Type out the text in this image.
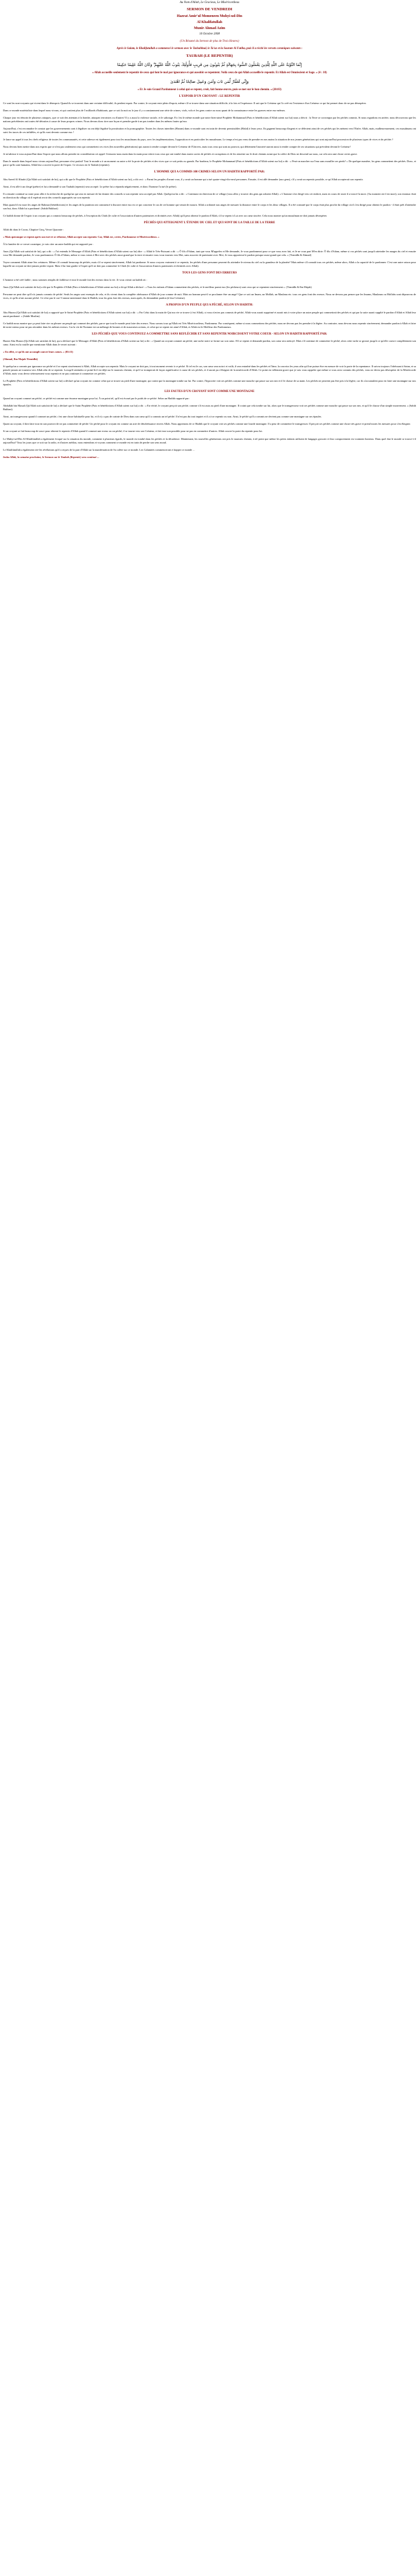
Au Nom d'Allah, Le Gracieux, Le Miséricordieux

SERMON DE VENDREDI
Hazrat Amir'ul Momeneen Muhyi-ud-Din
Al Khalifatullah
Munir Ahmad Azim
10 Octobre 2008
(Un Résumé du Sermon de plus de Trois Heures)
Après le Salam, le Khalifatullah a commencé le sermon avec le Tashahhud, le Ta'uz et la Sourate Al Fatiha, puis il a récité les versets coraniques suivants :
TAUBAH (LE REPENTIR)
إِنَّمَا التَّوْبَةُ عَلَى اللَّهِ لِلَّذِينَ يَعْمَلُونَ السُّوءَ بِجَهَالَةٍ ثُمَّ يَتُوبُونَ مِن قَرِيبٍ فَأُولَٰئِكَ يَتُوبُ اللَّهُ عَلَيْهِمْ ۗ وَكَانَ اللَّهُ عَلِيمًا حَكِيمًا
« Allah accueille seulement le repentir de ceux qui font le mal par ignorance et qui aussitôt se repentent. Voilà ceux de qui Allah accueille le repentir. Et Allah est Omniscient et Sage. » (4 : 18)
وَإِنِّي لَغَفَّارٌ لِّمَن تَابَ وَآمَنَ وَعَمِلَ صَالِحًا ثُمَّ اهْتَدَىٰ
« Et Je suis Grand Pardonneur à celui qui se repent, croit, fait bonne œuvre, puis se met sur le bon chemin. » (20:83)
L'ESPOIR D'UN CROYANT : LE REPENTIR

Ce sont les non-croyants qui vivent dans le désespoir. Quand ils se trouvent dans une certaine difficulté, ils perdent espoir. Par contre, le croyant reste plein d'espoir, même s'il se trouve dans une situation difficile, à la fois et l'espérance. Il sait que le Créateur qui l'a créé est l'existence d'un Créateur ce qui lui permet donc de ne pas désespérer.

Dans ce monde matérialiste dans lequel nous vivons, et qui contient plus de 5 milliards d'habitants, que ce soit la nuit ou le jour il y a constamment une série de crimes, viols, vols et les gens contre ou nous quant de la connaissance entre les guerres entre eux-mêmes.

Chaque jour est témoin de plusieurs attaques, que ce soit des attentats à la bombe, attaques terroristes ou d'autres! Il y a aussi la violence raciale, et le sabotage. Et c'est le même monde que notre bien-aimé Prophète Mohammad (Paix et bénédictions d'Allah soient sur lui) nous a décrit : la Terre se corrompra par les péchés commis. Si nous regardons en arrière, nous découvrons que les nations précédentes ont toutes été détruites à cause de leurs propres crimes. Nous devons donc tirer une leçon et prendre garde à ne pas tomber dans les mêmes fautes qu'eux.

Aujourd'hui, c'est reconnaître le constat que les gouvernements sont à légaliser ou ont déjà légalisé la prostitution et la pornographie. Toutes les choses interdites (Haram) dans ce monde sont en train de devenir permissibles (Halal) à leurs yeux. Ils gagnent beaucoup d'argent et se délectent ainsi de ces péchés qui les mènent vers l'Enfer. Allah, mais, malheureusement, ces musulmans ont suivi les traces de ces infidèles, et qu'ils vont devenir comme eux !

Je lance un appel à tous les chefs religieux de toutes les communautés, et cette adresse est également pour tout les musulmans du pays, avec les implémentations, l'opposition et en particulier les musulmans. Le temps n'est pas venu de prendre en nos mains la situation de nos jeunes générations qui sont aujourd'hui possession de plusieurs types de vices et de péchés ?

Nous devons bien mettre dans nos esprits que ce n'est pas seulement ceux qui commettent ces vices (les nouvelles générations) qui auront à rendre compte devant le Créateur de l'Univers, mais tous ceux qui sont au pouvoir, qui détiennent l'autorité auront aussi à rendre compte de ces situations qui prévalent devant le Créateur!

Je m'adresse à vous aujourd'hui dans l'espoir que nous allons prendre en considération cet appel. Unissons-nous main dans la main pour retirer tous ceux qui ont tombé dans toutes sortes de péchés et corruptions et de les remettre sur le droit chemin avant que la colère de Dieu ne descend sur nous, car cela sera une chose certes grave.

Dans le monde dans lequel nous vivons aujourd'hui, personne n'est parfait! Tout le monde a à un moment ou autre a été la proie de péchés et des vices que ce soit petits ou grands. Par bonheur, le Prophète Mohammad (Paix et bénédictions d'Allah soient sur lui) a dit : « Peut-on marcher sur l'eau sans mouiller ses pieds? » De quelque manière, les gens commettent des péchés. Donc, et parce qu'ils sont humains, Allah leur a ouvert la porte de l'espoir. Ce recours est le Taubah (repentir).

L'HOMME QUI A COMMIS 100 CRIMES SELON UN HADITH RAPPORTÉ PAR:

Abu Saeed Al Khudri (Qu'Allah soit satisfait de lui), qui a dit que le Prophète (Paix et bénédictions d'Allah soient sur lui), a dit ceci : « Parmi les peuples d'avant vous, il y avait un homme qui a tué quatre-vingt-dix-neuf personnes. Ensuite, il est allé demander (aux gens), s'il y avait un repentir possible, ce qu'Allah accepterait son repentir.

Ainsi, il est allé à un clergé (prêtre) et lui a demandé si son Taubah (repentir) sera accepté. Le prêtre lui a répondu négativement, et donc l'homme l'a tué (le prêtre).

Il a ensuite continué sa route pour aller à la recherche de quelqu'un qui sera en mesure de lui donner des conseils si son repentir sera accepté par Allah. Quelqu'un lui a dit : « Continuez en direction de ce village (vous allez y trouver des gens qui adorent Allah). » L'homme s'est dirigé vers cet endroit, mais en cours de route il a trouvé la mort. (Au moment où il est mort), son estomac était en direction du village où il espérait avoir des conseils appropriés sur son repentir.

Mais quand il est mort les anges de Rahmat (bénédictions) et les anges de la punition ont commencé à discuter entre eux en ce qui concerne le cas de cet homme qui venait de mourir. Allah a ordonné aux anges de mesurer la distance entre le corps et les deux villages. Il a été constaté que le corps était plus proche du village où il s'est dirigé pour obtenir le pardon - il était prêt d'atteindre son but, donc Allah lui a pardonné. (Sahih Bukhari)

Ce hadith donne de l'espoir à un croyant qui a commis beaucoup de péchés, à l'exception du Chirk (le culte et l'association d'autres partenaires et divinités avec Allah) qu'il peut obtenir le pardon d'Allah, s'il se repent à Lui avec un cœur sincère. Cela nous montre qu'un musulman ne doit jamais désespérer.

PÉCHÉS QUI ATTEIGNENT L'ÉTENDU DU CIEL ET QUI SONT DE LA TAILLE DE LA TERRE

Allah dit dans le Coran, Chapitre Cinq, Verset Quarante :

« Mais quiconque se repent après son tort et se réforme, Allah accepte son repentir. Car, Allah est, certes, Pardonneur et Miséricordieux. »

À la lumière de ce verset coranique, je vais citer un autre hadith qui est rapporté par :

Anas (Qu'Allah soit satisfait de lui), qui a dit : « J'ai entendu le Messager d'Allah (Paix et bénédictions d'Allah soient sur lui) dire : « Allah le Très-Puissant a dit : « Ô fils d'Adam, tant que vous M'appelez et Me demande, Je vous pardonnerai pour ce que vous avez fait, et Je ne vous part M'en dirie. Ô fils d'Adam, même si vos péchés sont jusqu'à atteindre les nuages du ciel et ensuite vous Me demande pardon, Je vous pardonnerai. Ô fils d'Adam, même si vous venez à Moi avec des péchés aussi grand que la terre et ensuite vous vous tournez vers Moi, sans associer de partenaire avec Moi, Je vous apporterai le pardon presque aussi grand que cela. » (Tirmidhi & Ahmad)

Voyez comment Allah aime Ses créatures. Même s'il connaît beaucoup de péchés, mais s'il se repent sincèrement, Allah lui pardonne. Si nous croyons vraiment à ce repentir, les péchés d'une personne peuvent-ils atteindre le niveau du ciel ou la grandeur de la planète? Mais même s'il connaît tous ces péchés, même alors, Allah a la capacité de le pardonner. C'est une autre raison pour laquelle un croyant ne doit jamais perdre espoir. Mais il lui faut garder à l'esprit qu'il ne doit pas commettre le Chirk (le culte et l'association d'autres partenaires et divinités avec Allah).

TOUS LES GENS FONT DES ERREURS

L'homme a été créé faible ; nous sommes remplis de faiblesse et tout le monde fait des erreurs dans la vie. Je vous citerai un hadith où :

Anas (Qu'Allah soit satisfait de lui) a dit que le Prophète d'Allah (Paix et bénédictions d'Allah soient sur lui) a dit qu'Allah a déclaré : « Tous les enfants d'Adam commettent des péchés, et le meilleur parmi eux (les pécheurs) sont ceux qui se repentent sincèrement ». (Tirmidhi & Ibn Majah)

Personne ne peut dire qu'il n'a jamais commis de péché. Seuls les anges sont exempts de cela, et ils vivent dans la complète obéissance d'Allah de jour comme de nuit. Mais un homme peut-il se proclamer être un ange? Que ce soit un Imam, un Mollah, un Maulana etc. tous ces gens font des erreurs. Nous ne devons pas penser que les Imams, Maulanas ou Mollahs sont dépourvus de vices, et qu'ils n'ont aucune péché. Ce n'est pas le cas! Comme mentionné dans le Hadith, tous les gens font des erreurs, mais après, ils demandent pardon (à leur Créateur).

A PROPOS D'UN PEUPLE QUI A PÉCHÉ, SELON UN HADITH:

Abu Hurara (Qu'Allah soit satisfait de lui) a rapporté que le Saint-Prophète (Paix et bénédictions d'Allah soient sur lui) a dit : « Par Celui dans la main de Qui ma vie se trouve (c'est Allah), si vous n'aviez pas commis de péché, Allah vous aurait supprimé et aurait mis à votre place un autre peuple qui commettrait des péchés et qui par la suite aurait supplié le pardon d'Allah et Allah leur aurait pardonné. » (Sahih Muslim)

Ce hadith nous montre que ça peut faire rire ou pleurer un peuple qui commet des péchés, parce que tout le monde peut faire des erreurs. Nous savons tous qu'Allah est Très Miséricordieux, Pardonneur. Par conséquent, même si nous commettons des péchés, nous ne devons pas les prendre à la légère. Au contraire, nous devons nous repentir sincèrement, demander pardon à Allah et faire de notre mieux pour ne pas retomber dans les mêmes erreurs. Car la vie de l'homme est un mélange de bonnes et de mauvaises actions, et celui qui se repent est aimé d'Allah, et Allah est le Meilleur des Pardonneurs.

LES PÉCHÉS QUE VOUS CONTINUEZ A COMMETTRE SANS REFLÉCHIR ET SANS REPENTIR NOIRCISSENT VOTRE COEUR - SELON UN HADITH RAPPORTÉ PAR:

Hazrat Abu Hurara (Qu'Allah soit satisfait de lui), qui a déclaré que le Messager d'Allah (Paix et bénédictions d'Allah soient sur lui) a dit : « Quand un croyant commet un péché, une tache noire se forme sur son cœur. S'il se repent et demande pardon, son cœur sera nettoyé. Mais s'il continue de commettre le péché, alors cette tache se grossit jusqu'à ce qu'elle couvre complètement son cœur. Ainsi est la rouille que mentionne Allah dans le verset suivant :

« En effet, ce qu'ils ont accompli couvre leurs cœurs. » (83:15)

(Ahmad, Ibn Majah Tirmidhi)

Si quelqu'un a commis par ignorance un péché et il se repent sincèrement à Allah, Allah accepte son repentir. Mais le croyant ne doit pas, à tout moment revenir à ce péché. Et tel est le cas, son cœur sera noirci et voilà, il sera entraîné dans les péchés et l'âme, la couvrira les yeux afin qu'il ne puisse être en mesure de voir la porte de la repentance. Il suivra toujours l'obéissant à Satan, et sa pensée jamais ne tournera vers Allah afin de se repentir. Lorsqu'il atteindra ce point-là il est déjà sur le mauvais chemin, et qu'il se tromperait de façon significative à cause de ses péchés, et il aurait pu s'éloigner de la miséricorde d'Allah. Ce point est tellement grave que je vais vous rappeler que même si vous avez commis des péchés, vous ne devez pas désespérer de la Miséricorde d'Allah, mais vous devez sérieusement vous repentir et ne pas continuer à commettre ces péchés.

Le Prophète (Paix et bénédictions d'Allah soient sur lui) a déclaré qu'un croyant est comme celui qui se trouve au pied d'une montagne, qui craint que la montagne tombe sur lui. Par contre, l'hypocrite voit ses péchés comme une mouche qui passe sur son nez et il le chasse de sa main. Les péchés ne peuvent pas être pris à la légère, car ils s'accumulent pour en faire une montagne sur nos épaules.

LES FAUTES D'UN CROYANT SONT COMME UNE MONTAGNE

Quand un croyant commet un péché, ce péché est comme une énorme montagne pour lui. À un point tel, qu'il est écrasé par le poids de ce péché. Selon un Hadith rapporté par:

Abdullah bin Masud (Qu'Allah soit satisfait de lui) a déclaré que le Saint Prophète (Paix et bénédictions d'Allah soient sur lui) a dit : « En vérité, le croyant perçoit son péché, comme s'il est assis au pied d'une montagne. Il craint que cela tombe sur lui, alors que le transgresseur voit ses péchés comme une mouche qui passe sur son nez, et qu'il le chasse d'un simple mouvement. » (Sahih Bukhari)

Ainsi, un transgresseur quand il commet un péché, c'est une chose habituelle pour lui, et il n'y a pas de crainte de Dieu dans son cœur qu'il a commis un tel péché. Il n'est pas du tout inquiet et il a à se repentir ou non. Ainsi, le péché qu'il a commis ne devient pas comme une montagne sur ses épaules.

Quant au croyant, il doit faire tout en son pouvoir de ne pas commettre de péché. Un péché pour le croyant est comme un acte de désobéissance envers Allah. Nous apprenons de ce Hadith que le croyant voit ses péchés comme une lourde montagne. Il a peur de commettre le transgresser. Il perçoit ses péchés comme une chose très grave et prend toutes les mesures pour s'en éloigner.

Si un croyant se fait beaucoup de souci pour obtenir le repentir d'Allah quand il commet une erreur ou un péché, il se tourne vers son Créateur, et fait tout son possible pour ne pas en commettre d'autres. Allah couvre la porte du repentir pour lui.

Le Muhyi-ud-Din Al-Khalifatullah a également évoqué sur la situation du monde, comment à plusieurs égards, le monde est tombé dans les péchés et la décadence. Maintenant, les nouvelles générations ont pris le mauvais chemin, à tel point que même les petits enfants utilisent de langages grossier et leur comportement est vraiment honteux. Dans quel état le monde se trouve-t-il aujourd'hui? Tous les jours que ce soit sur la radio, et d'autres médias, nous entendons et voyons comment ce monde est en train de perdre son sens moral.

Le Khalifatullah a également cité les révélations qu'il a reçues de la part d'Allah sur la manifestation de Sa colère sur ce monde. Les Calamités commenceront à frapper ce monde ...

Insha Allah, la semaine prochaine, le Sermon sur le Taubah (Repentir) sera continué ...
